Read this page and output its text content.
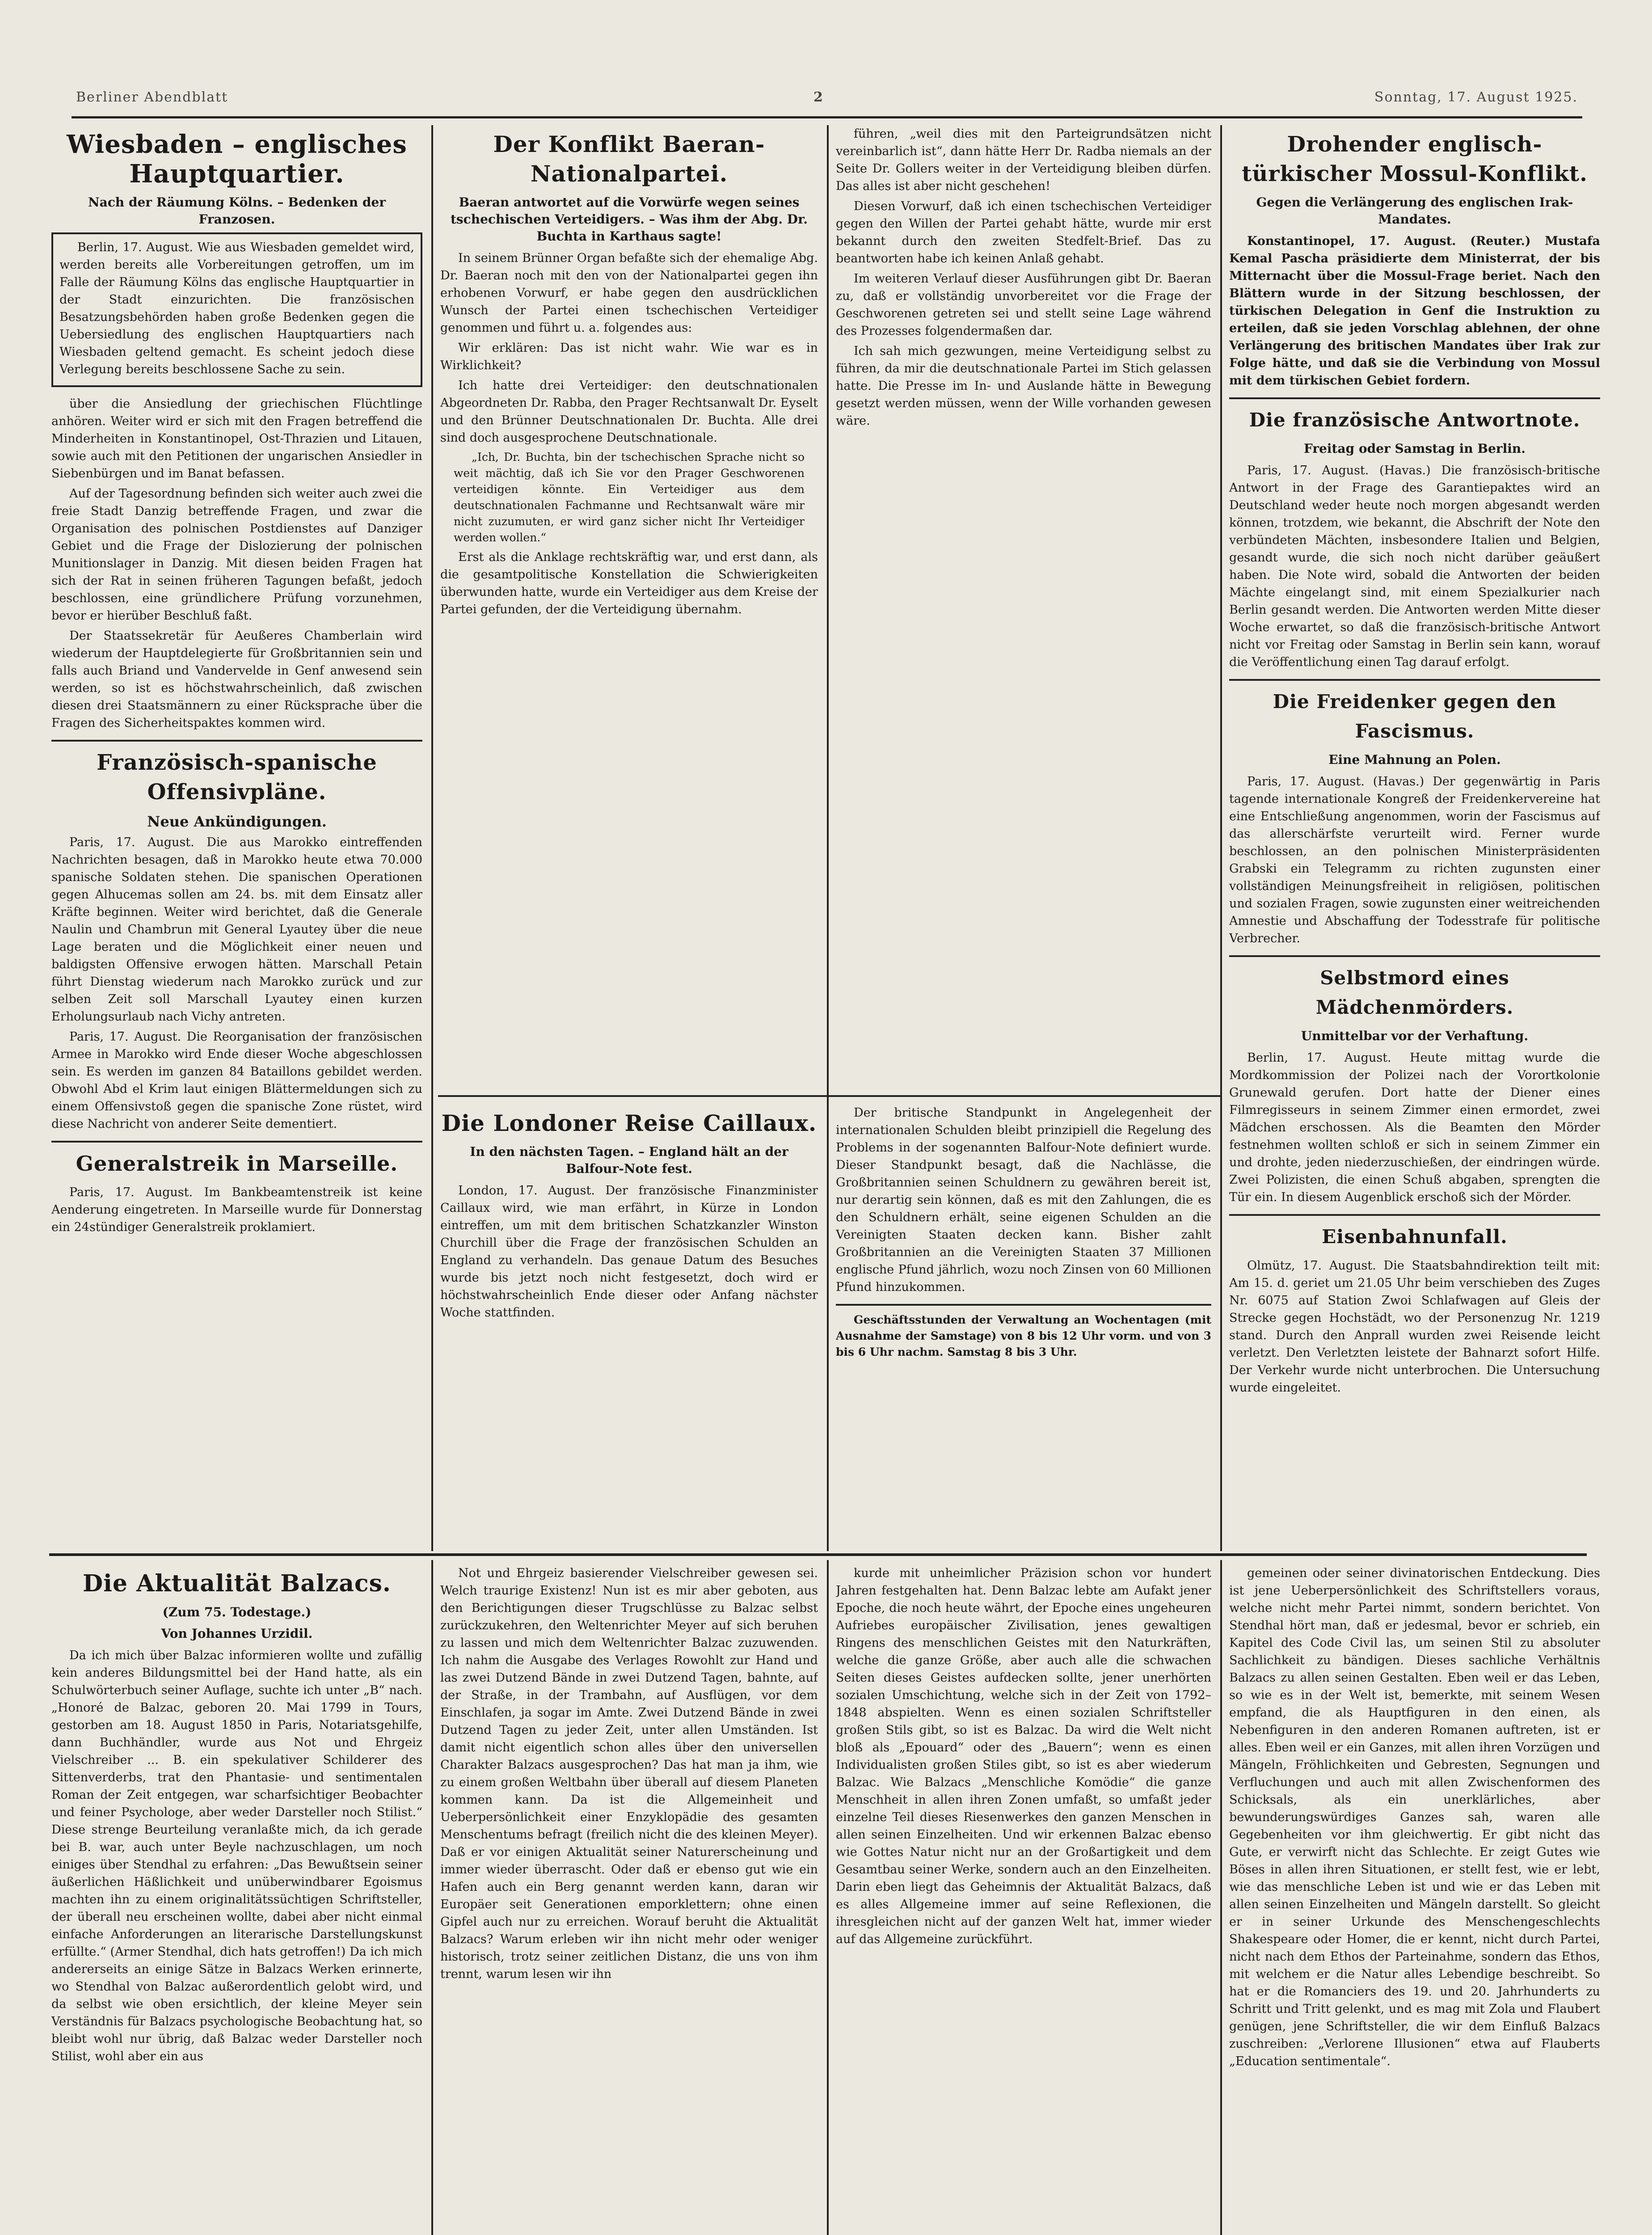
Berliner Abendblatt	2	Sonntag, 17. August 1925.
Wiesbaden – englisches Hauptquartier.
Nach der Räumung Kölns. – Bedenken der Franzosen.

Berlin, 17. August. Wie aus Wiesbaden gemeldet wird, werden bereits alle Vorbereitungen getroffen, um im Falle der Räumung Kölns das englische Hauptquartier in der Stadt einzurichten. Die französischen Besatzungsbehörden haben große Bedenken gegen die Uebersiedlung des englischen Hauptquartiers nach Wiesbaden geltend gemacht. Es scheint jedoch diese Verlegung bereits beschlossene Sache zu sein.

über die Ansiedlung der griechischen Flüchtlinge anhören. Weiter wird er sich mit den Fragen betreffend die Minderheiten in Konstantinopel, Ost-Thrazien und Litauen, sowie auch mit den Petitionen der ungarischen Ansiedler in Siebenbürgen und im Banat befassen.

Auf der Tagesordnung befinden sich weiter auch zwei die freie Stadt Danzig betreffende Fragen, und zwar die Organisation des polnischen Postdienstes auf Danziger Gebiet und die Frage der Dislozierung der polnischen Munitionslager in Danzig. Mit diesen beiden Fragen hat sich der Rat in seinen früheren Tagungen befaßt, jedoch beschlossen, eine gründlichere Prüfung vorzunehmen, bevor er hierüber Beschluß faßt.

Der Staatssekretär für Aeußeres Chamberlain wird wiederum der Hauptdelegierte für Großbritannien sein und falls auch Briand und Vandervelde in Genf anwesend sein werden, so ist es höchstwahrscheinlich, daß zwischen diesen drei Staatsmännern zu einer Rücksprache über die Fragen des Sicherheitspaktes kommen wird.

Französisch-spanische Offensivpläne.
Neue Ankündigungen.

Paris, 17. August. Die aus Marokko eintreffenden Nachrichten besagen, daß in Marokko heute etwa 70.000 spanische Soldaten stehen. Die spanischen Operationen gegen Alhucemas sollen am 24. bs. mit dem Einsatz aller Kräfte beginnen. Weiter wird berichtet, daß die Generale Naulin und Chambrun mit General Lyautey über die neue Lage beraten und die Möglichkeit einer neuen und baldigsten Offensive erwogen hätten. Marschall Petain führt Dienstag wiederum nach Marokko zurück und zur selben Zeit soll Marschall Lyautey einen kurzen Erholungsurlaub nach Vichy antreten.

Paris, 17. August. Die Reorganisation der französischen Armee in Marokko wird Ende dieser Woche abgeschlossen sein. Es werden im ganzen 84 Bataillons gebildet werden. Obwohl Abd el Krim laut einigen Blättermeldungen sich zu einem Offensivstoß gegen die spanische Zone rüstet, wird diese Nachricht von anderer Seite dementiert.

Generalstreik in Marseille.

Paris, 17. August. Im Bankbeamtenstreik ist keine Aenderung eingetreten. In Marseille wurde für Donnerstag ein 24stündiger Generalstreik proklamiert.

Der Konflikt Baeran-Nationalpartei.
Baeran antwortet auf die Vorwürfe wegen seines tschechischen Verteidigers. – Was ihm der Abg. Dr. Buchta in Karthaus sagte!

In seinem Brünner Organ befaßte sich der ehemalige Abg. Dr. Baeran noch mit den von der Nationalpartei gegen ihn erhobenen Vorwurf, er habe gegen den ausdrücklichen Wunsch der Partei einen tschechischen Verteidiger genommen und führt u. a. folgendes aus:

Wir erklären: Das ist nicht wahr. Wie war es in Wirklichkeit?

Ich hatte drei Verteidiger: den deutschnationalen Abgeordneten Dr. Rabba, den Prager Rechtsanwalt Dr. Eyselt und den Brünner Deutschnationalen Dr. Buchta. Alle drei sind doch ausgesprochene Deutschnationale.

„Ich, Dr. Buchta, bin der tschechischen Sprache nicht so weit mächtig, daß ich Sie vor den Prager Geschworenen verteidigen könnte. Ein Verteidiger aus dem deutschnationalen Fachmanne und Rechtsanwalt wäre mir nicht zuzumuten, er wird ganz sicher nicht Ihr Verteidiger werden wollen.“

Erst als die Anklage rechtskräftig war, und erst dann, als die gesamtpolitische Konstellation die Schwierigkeiten überwunden hatte, wurde ein Verteidiger aus dem Kreise der Partei gefunden, der die Verteidigung übernahm.

führen, „weil dies mit den Parteigrundsätzen nicht vereinbarlich ist“, dann hätte Herr Dr. Radba niemals an der Seite Dr. Gollers weiter in der Verteidigung bleiben dürfen. Das alles ist aber nicht geschehen!

Diesen Vorwurf, daß ich einen tschechischen Verteidiger gegen den Willen der Partei gehabt hätte, wurde mir erst bekannt durch den zweiten Stedfelt-Brief. Das zu beantworten habe ich keinen Anlaß gehabt.

Im weiteren Verlauf dieser Ausführungen gibt Dr. Baeran zu, daß er vollständig unvorbereitet vor die Frage der Geschworenen getreten sei und stellt seine Lage während des Prozesses folgendermaßen dar.

Ich sah mich gezwungen, meine Verteidigung selbst zu führen, da mir die deutschnationale Partei im Stich gelassen hatte. Die Presse im In- und Auslande hätte in Bewegung gesetzt werden müssen, wenn der Wille vorhanden gewesen wäre.

Die Londoner Reise Caillaux.
In den nächsten Tagen. – England hält an der Balfour-Note fest.

London, 17. August. Der französische Finanzminister Caillaux wird, wie man erfährt, in Kürze in London eintreffen, um mit dem britischen Schatzkanzler Winston Churchill über die Frage der französischen Schulden an England zu verhandeln. Das genaue Datum des Besuches wurde bis jetzt noch nicht festgesetzt, doch wird er höchstwahrscheinlich Ende dieser oder Anfang nächster Woche stattfinden.

Der britische Standpunkt in Angelegenheit der internationalen Schulden bleibt prinzipiell die Regelung des Problems in der sogenannten Balfour-Note definiert wurde. Dieser Standpunkt besagt, daß die Nachlässe, die Großbritannien seinen Schuldnern zu gewähren bereit ist, nur derartig sein können, daß es mit den Zahlungen, die es den Schuldnern erhält, seine eigenen Schulden an die Vereinigten Staaten decken kann. Bisher zahlt Großbritannien an die Vereinigten Staaten 37 Millionen englische Pfund jährlich, wozu noch Zinsen von 60 Millionen Pfund hinzukommen.

Geschäftsstunden der Verwaltung an Wochentagen (mit Ausnahme der Samstage) von 8 bis 12 Uhr vorm. und von 3 bis 6 Uhr nachm. Samstag 8 bis 3 Uhr.

Drohender englisch-türkischer Mossul-Konflikt.
Gegen die Verlängerung des englischen Irak-Mandates.

Konstantinopel, 17. August. (Reuter.) Mustafa Kemal Pascha präsidierte dem Ministerrat, der bis Mitternacht über die Mossul-Frage beriet. Nach den Blättern wurde in der Sitzung beschlossen, der türkischen Delegation in Genf die Instruktion zu erteilen, daß sie jeden Vorschlag ablehnen, der ohne Verlängerung des britischen Mandates über Irak zur Folge hätte, und daß sie die Verbindung von Mossul mit dem türkischen Gebiet fordern.

Die französische Antwortnote.
Freitag oder Samstag in Berlin.

Paris, 17. August. (Havas.) Die französisch-britische Antwort in der Frage des Garantiepaktes wird an Deutschland weder heute noch morgen abgesandt werden können, trotzdem, wie bekannt, die Abschrift der Note den verbündeten Mächten, insbesondere Italien und Belgien, gesandt wurde, die sich noch nicht darüber geäußert haben. Die Note wird, sobald die Antworten der beiden Mächte eingelangt sind, mit einem Spezialkurier nach Berlin gesandt werden. Die Antworten werden Mitte dieser Woche erwartet, so daß die französisch-britische Antwort nicht vor Freitag oder Samstag in Berlin sein kann, worauf die Veröffentlichung einen Tag darauf erfolgt.

Die Freidenker gegen den Fascismus.
Eine Mahnung an Polen.

Paris, 17. August. (Havas.) Der gegenwärtig in Paris tagende internationale Kongreß der Freidenkervereine hat eine Entschließung angenommen, worin der Fascismus auf das allerschärfste verurteilt wird. Ferner wurde beschlossen, an den polnischen Ministerpräsidenten Grabski ein Telegramm zu richten zugunsten einer vollständigen Meinungsfreiheit in religiösen, politischen und sozialen Fragen, sowie zugunsten einer weitreichenden Amnestie und Abschaffung der Todesstrafe für politische Verbrecher.

Selbstmord eines Mädchenmörders.
Unmittelbar vor der Verhaftung.

Berlin, 17. August. Heute mittag wurde die Mordkommission der Polizei nach der Vorortkolonie Grunewald gerufen. Dort hatte der Diener eines Filmregisseurs in seinem Zimmer einen ermordet, zwei Mädchen erschossen. Als die Beamten den Mörder festnehmen wollten schloß er sich in seinem Zimmer ein und drohte, jeden niederzuschießen, der eindringen würde. Zwei Polizisten, die einen Schuß abgaben, sprengten die Tür ein. In diesem Augenblick erschoß sich der Mörder.

Eisenbahnunfall.

Olmütz, 17. August. Die Staatsbahndirektion teilt mit: Am 15. d. geriet um 21.05 Uhr beim verschieben des Zuges Nr. 6075 auf Station Zwoi Schlafwagen auf Gleis der Strecke gegen Hochstädt, wo der Personenzug Nr. 1219 stand. Durch den Anprall wurden zwei Reisende leicht verletzt. Den Verletzten leistete der Bahnarzt sofort Hilfe. Der Verkehr wurde nicht unterbrochen. Die Untersuchung wurde eingeleitet.

Die Aktualität Balzacs.
(Zum 75. Todestage.)
Von Johannes Urzidil.

Da ich mich über Balzac informieren wollte und zufällig kein anderes Bildungsmittel bei der Hand hatte, als ein Schulwörterbuch seiner Auflage, suchte ich unter „B“ nach. „Honoré de Balzac, geboren 20. Mai 1799 in Tours, gestorben am 18. August 1850 in Paris, Notariatsgehilfe, dann Buchhändler, wurde aus Not und Ehrgeiz Vielschreiber ... B. ein spekulativer Schilderer des Sittenverderbs, trat den Phantasie- und sentimentalen Roman der Zeit entgegen, war scharfsichtiger Beobachter und feiner Psychologe, aber weder Darsteller noch Stilist.“ Diese strenge Beurteilung veranlaßte mich, da ich gerade bei B. war, auch unter Beyle nachzuschlagen, um noch einiges über Stendhal zu erfahren: „Das Bewußtsein seiner äußerlichen Häßlichkeit und unüberwindbarer Egoismus machten ihn zu einem originalitätssüchtigen Schriftsteller, der überall neu erscheinen wollte, dabei aber nicht einmal einfache Anforderungen an literarische Darstellungskunst erfüllte.“ (Armer Stendhal, dich hats getroffen!) Da ich mich andererseits an einige Sätze in Balzacs Werken erinnerte, wo Stendhal von Balzac außerordentlich gelobt wird, und da selbst wie oben ersichtlich, der kleine Meyer sein Verständnis für Balzacs psychologische Beobachtung hat, so bleibt wohl nur übrig, daß Balzac weder Darsteller noch Stilist, wohl aber ein aus

Not und Ehrgeiz basierender Vielschreiber gewesen sei. Welch traurige Existenz! Nun ist es mir aber geboten, aus den Berichtigungen dieser Trugschlüsse zu Balzac selbst zurückzukehren, den Weltenrichter Meyer auf sich beruhen zu lassen und mich dem Weltenrichter Balzac zuzuwenden. Ich nahm die Ausgabe des Verlages Rowohlt zur Hand und las zwei Dutzend Bände in zwei Dutzend Tagen, bahnte, auf der Straße, in der Trambahn, auf Ausflügen, vor dem Einschlafen, ja sogar im Amte. Zwei Dutzend Bände in zwei Dutzend Tagen zu jeder Zeit, unter allen Umständen. Ist damit nicht eigentlich schon alles über den universellen Charakter Balzacs ausgesprochen? Das hat man ja ihm, wie zu einem großen Weltbahn über überall auf diesem Planeten kommen kann. Da ist die Allgemeinheit und Ueberpersönlichkeit einer Enzyklopädie des gesamten Menschentums befragt (freilich nicht die des kleinen Meyer). Daß er vor einigen Aktualität seiner Naturerscheinung und immer wieder überrascht. Oder daß er ebenso gut wie ein Hafen auch ein Berg genannt werden kann, daran wir Europäer seit Generationen emporklettern; ohne einen Gipfel auch nur zu erreichen. Worauf beruht die Aktualität Balzacs? Warum erleben wir ihn nicht mehr oder weniger historisch, trotz seiner zeitlichen Distanz, die uns von ihm trennt, warum lesen wir ihn

kurde mit unheimlicher Präzision schon vor hundert Jahren festgehalten hat. Denn Balzac lebte am Aufakt jener Epoche, die noch heute währt, der Epoche eines ungeheuren Aufriebes europäischer Zivilisation, jenes gewaltigen Ringens des menschlichen Geistes mit den Naturkräften, welche die ganze Größe, aber auch alle die schwachen Seiten dieses Geistes aufdecken sollte, jener unerhörten sozialen Umschichtung, welche sich in der Zeit von 1792–1848 abspielten. Wenn es einen sozialen Schriftsteller großen Stils gibt, so ist es Balzac. Da wird die Welt nicht bloß als „Epouard“ oder des „Bauern“; wenn es einen Individualisten großen Stiles gibt, so ist es aber wiederum Balzac. Wie Balzacs „Menschliche Komödie“ die ganze Menschheit in allen ihren Zonen umfaßt, so umfaßt jeder einzelne Teil dieses Riesenwerkes den ganzen Menschen in allen seinen Einzelheiten. Und wir erkennen Balzac ebenso wie Gottes Natur nicht nur an der Großartigkeit und dem Gesamtbau seiner Werke, sondern auch an den Einzelheiten. Darin eben liegt das Geheimnis der Aktualität Balzacs, daß es alles Allgemeine immer auf seine Reflexionen, die ihresgleichen nicht auf der ganzen Welt hat, immer wieder auf das Allgemeine zurückführt.

gemeinen oder seiner divinatorischen Entdeckung. Dies ist jene Ueberpersönlichkeit des Schriftstellers voraus, welche nicht mehr Partei nimmt, sondern berichtet. Von Stendhal hört man, daß er jedesmal, bevor er schrieb, ein Kapitel des Code Civil las, um seinen Stil zu absoluter Sachlichkeit zu bändigen. Dieses sachliche Verhältnis Balzacs zu allen seinen Gestalten. Eben weil er das Leben, so wie es in der Welt ist, bemerkte, mit seinem Wesen empfand, die als Hauptfiguren in den einen, als Nebenfiguren in den anderen Romanen auftreten, ist er alles. Eben weil er ein Ganzes, mit allen ihren Vorzügen und Mängeln, Fröhlichkeiten und Gebresten, Segnungen und Verfluchungen und auch mit allen Zwischenformen des Schicksals, als ein unerklärliches, aber bewunderungswürdiges Ganzes sah, waren alle Gegebenheiten vor ihm gleichwertig. Er gibt nicht das Gute, er verwirft nicht das Schlechte. Er zeigt Gutes wie Böses in allen ihren Situationen, er stellt fest, wie er lebt, wie das menschliche Leben ist und wie er das Leben mit allen seinen Einzelheiten und Mängeln darstellt. So gleicht er in seiner Urkunde des Menschengeschlechts Shakespeare oder Homer, die er kennt, nicht durch Partei, nicht nach dem Ethos der Parteinahme, sondern das Ethos, mit welchem er die Natur alles Lebendige beschreibt. So hat er die Romanciers des 19. und 20. Jahrhunderts zu Schritt und Tritt gelenkt, und es mag mit Zola und Flaubert genügen, jene Schriftsteller, die wir dem Einfluß Balzacs zuschreiben: „Verlorene Illusionen“ etwa auf Flauberts „Education sentimentale“.
